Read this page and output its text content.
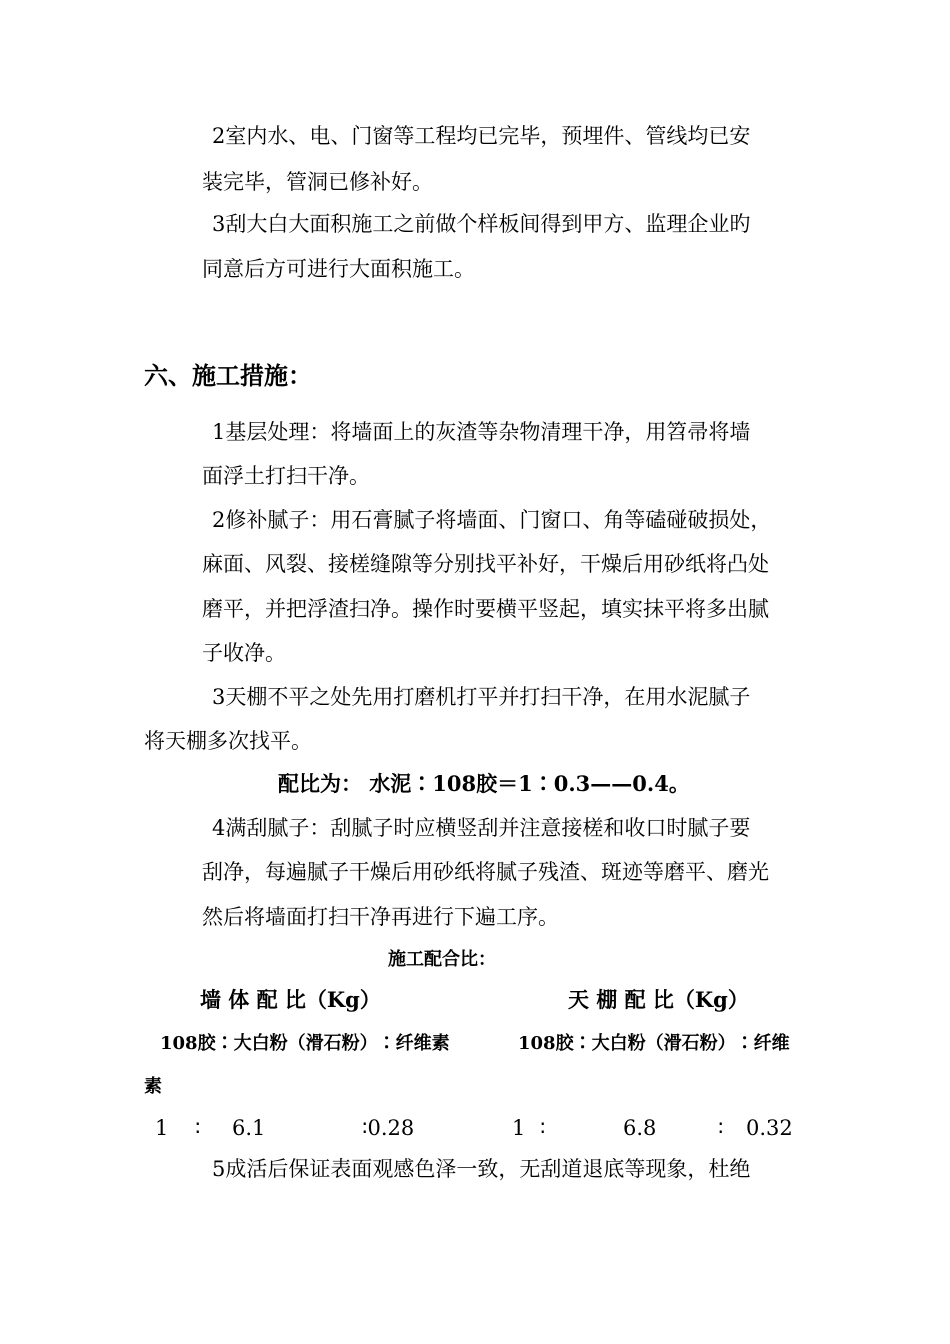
2室内水、电、门窗等工程均已完毕，预埋件、管线均已安
装完毕，管洞已修补好。
3刮大白大面积施工之前做个样板间得到甲方、监理企业旳
同意后方可进行大面积施工。
六、施工措施：
1基层处理：将墙面上的灰渣等杂物清理干净，用笤帚将墙
面浮土打扫干净。
2修补腻子：用石膏腻子将墙面、门窗口、角等磕碰破损处，
麻面、风裂、接槎缝隙等分别找平补好，干燥后用砂纸将凸处
磨平，并把浮渣扫净。操作时要横平竖起，填实抹平将多出腻
子收净。
3天棚不平之处先用打磨机打平并打扫干净，在用水泥腻子
将天棚多次找平。
配比为： 水泥∶108胶＝1∶0.3——0.4。
4满刮腻子：刮腻子时应横竖刮并注意接槎和收口时腻子要
刮净，每遍腻子干燥后用砂纸将腻子残渣、斑迹等磨平、磨光
然后将墙面打扫干净再进行下遍工序。
施工配合比：
墙 体 配 比（Kg）	天 棚 配 比（Kg）
108胶∶大白粉（滑石粉）∶纤维素	108胶∶大白粉（滑石粉）∶纤维
素
1 ∶ 6.1	∶0.28	1 ∶	6.8	∶ 0.32
5成活后保证表面观感色泽一致，无刮道退底等现象，杜绝
